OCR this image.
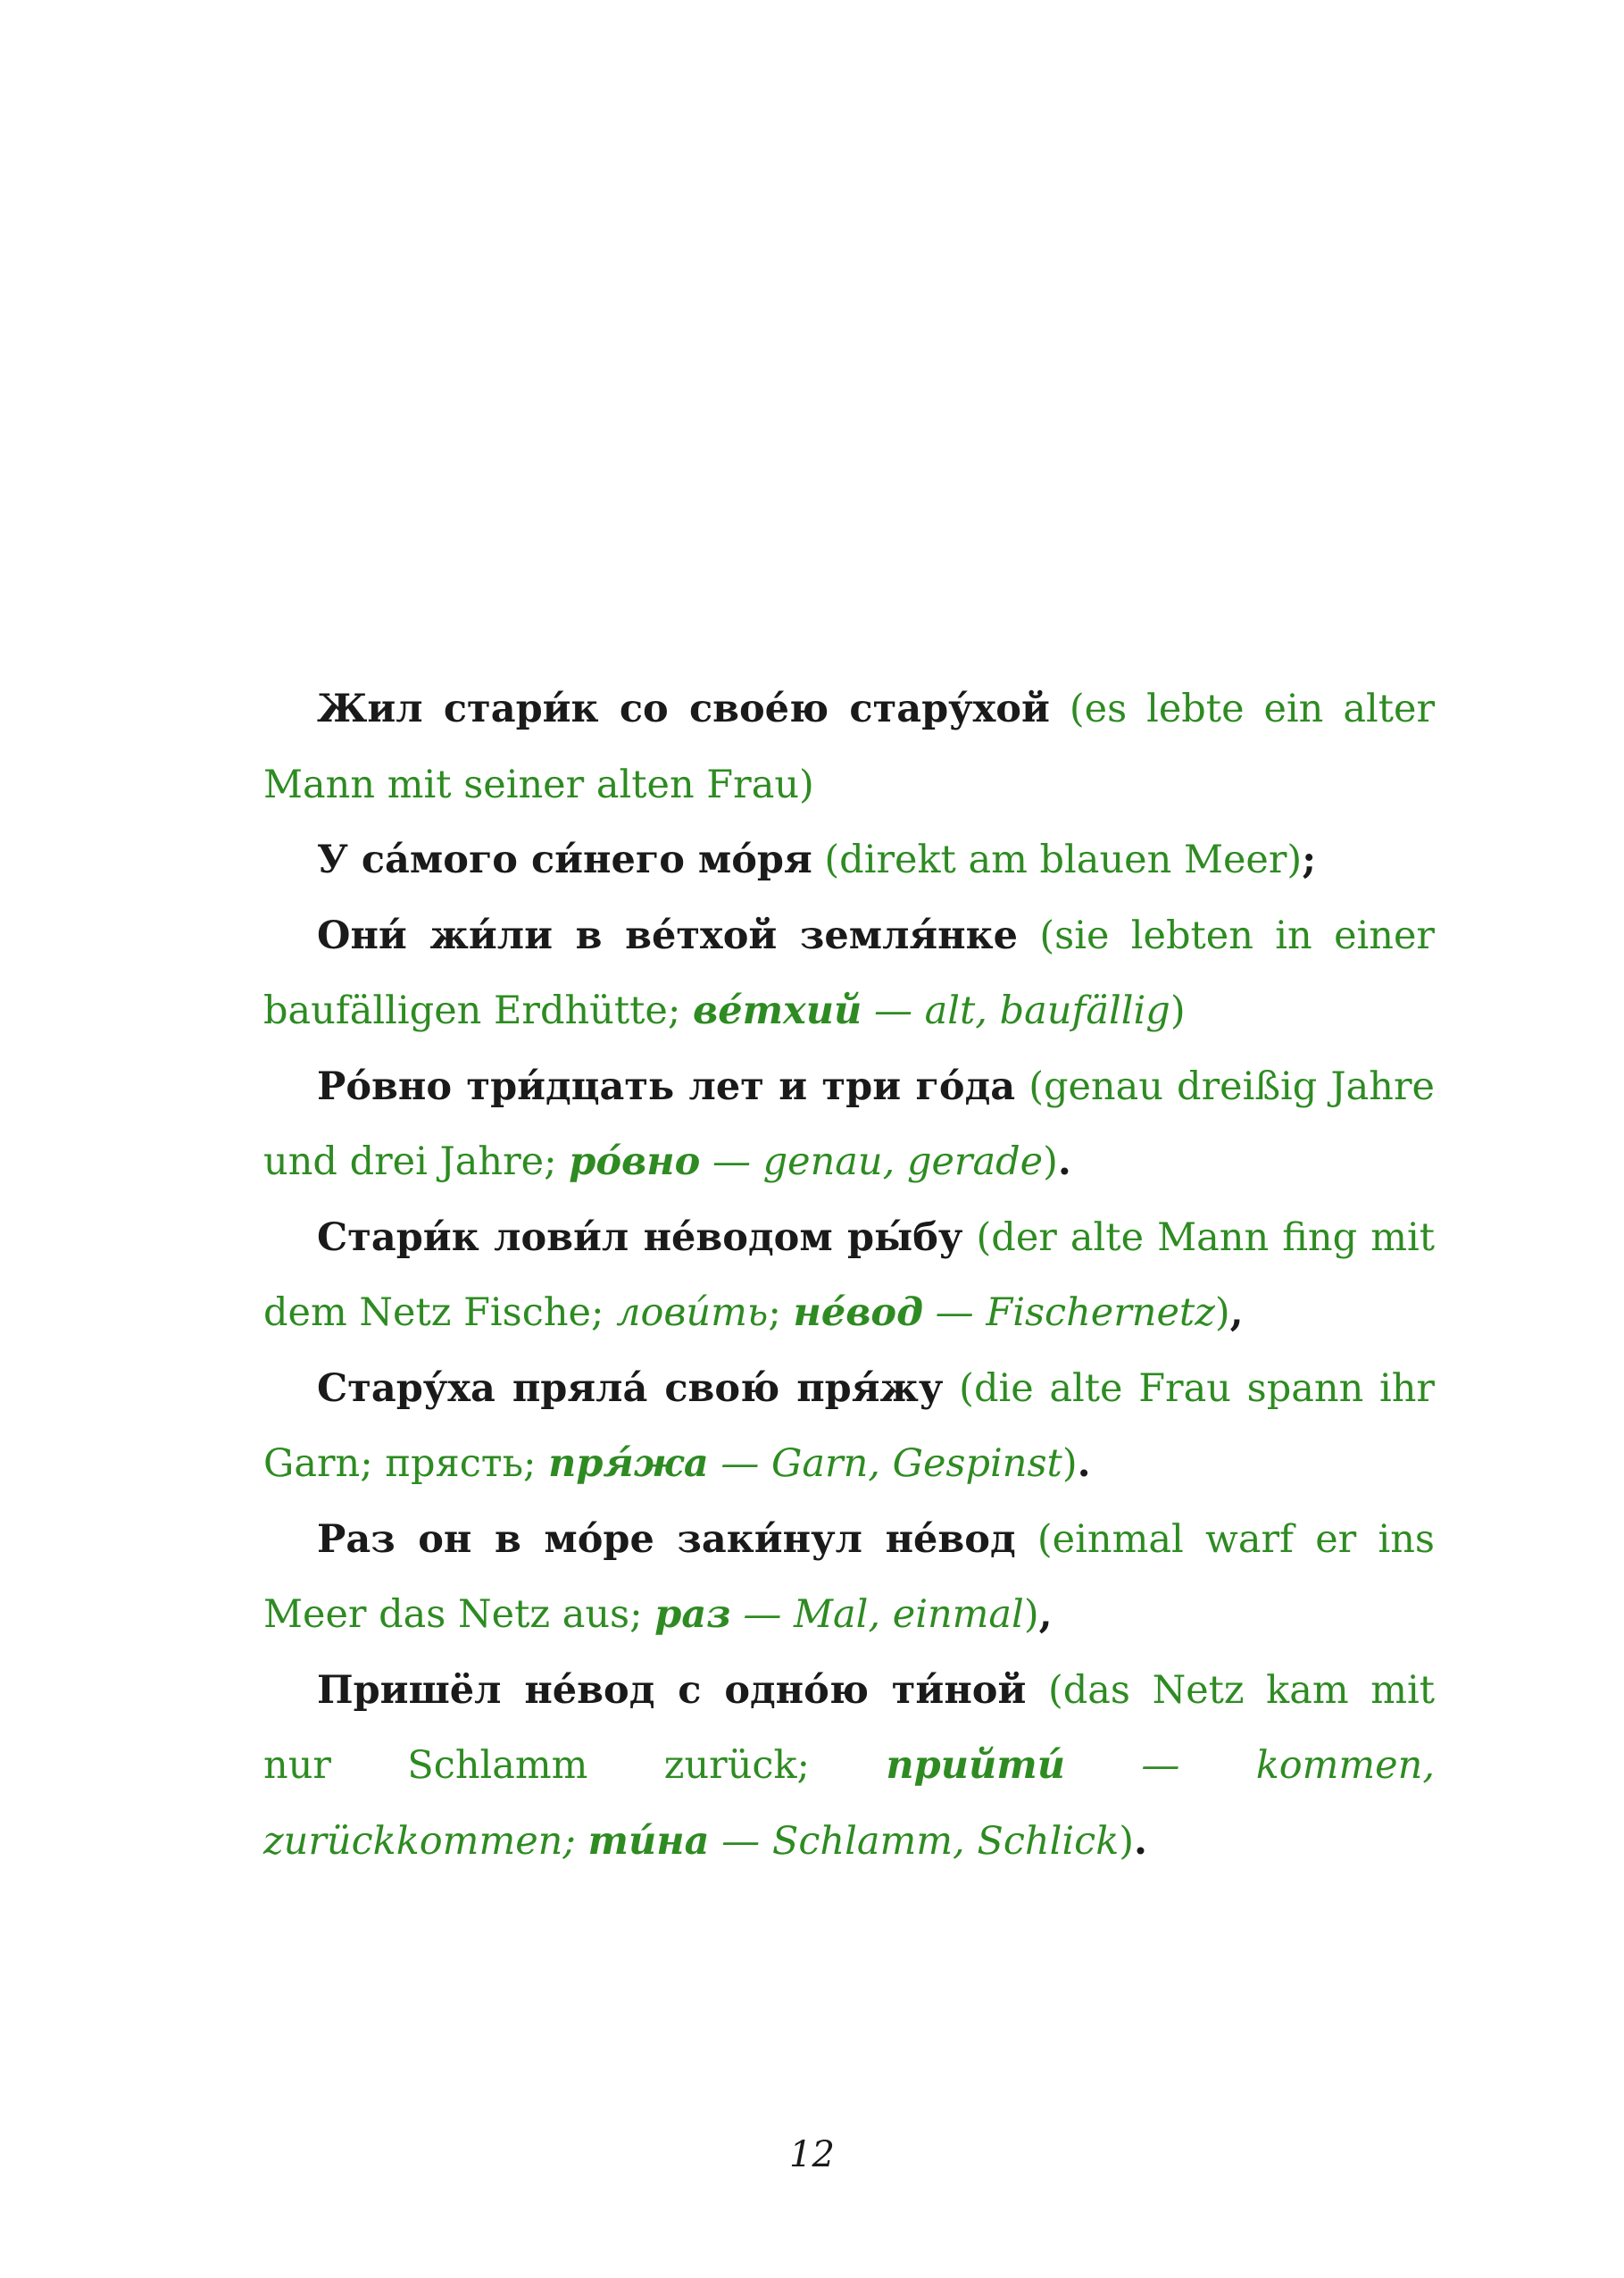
Жил стари́к со свое́ю стару́хой (es lebte ein alter Mann mit seiner alten Frau)

У са́мого си́него мо́ря (direkt am blauen Meer);

Они́ жи́ли в ве́тхой земля́нке (sie lebten in einer baufälligen Erdhütte; ве́тхий — alt, baufällig)

Ро́вно три́дцать лет и три го́да (genau dreißig Jahre und drei Jahre; ро́вно — genau, gerade).

Стари́к лови́л не́водом ры́бу (der alte Mann fing mit dem Netz Fische; лови́ть; не́вод — Fischernetz),

Стару́ха пряла́ свою́ пря́жу (die alte Frau spann ihr Garn; прясть; пря́жа — Garn, Gespinst).

Раз он в мо́ре заки́нул не́вод (einmal warf er ins Meer das Netz aus; раз — Mal, einmal),

Пришёл не́вод с одно́ю ти́ной (das Netz kam mit nur Schlamm zurück; прийти́ — kommen, zurückkommen; ти́на — Schlamm, Schlick).

12
